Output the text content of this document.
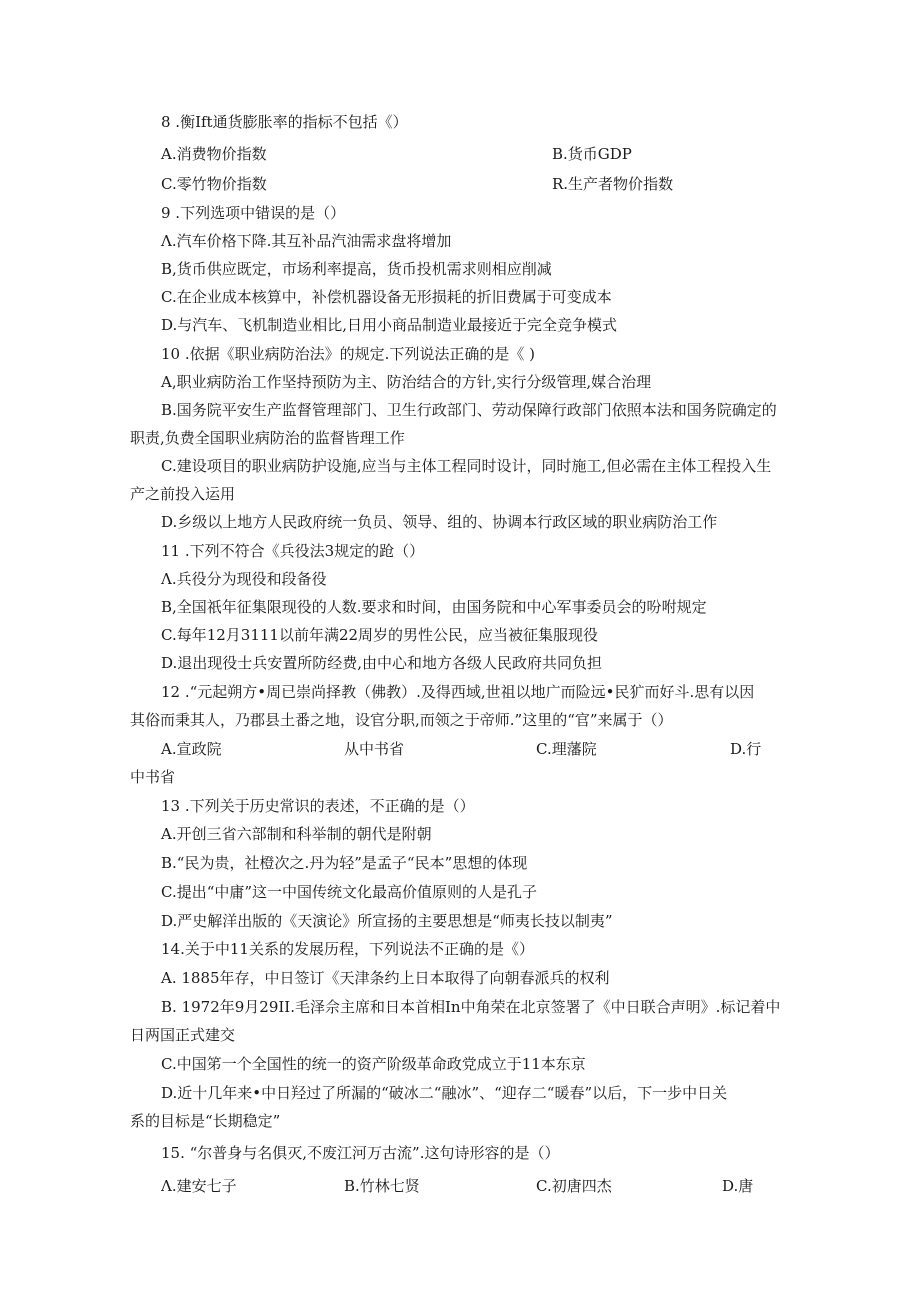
8 .衡Ift通货膨胀率的指标不包括《）
A.消费物价指数	B.货币GDP
C.零竹物价指数	R.生产者物价指数
9 .下列选项中错误的是（）
Λ.汽车价格下降.其互补品汽油需求盘将增加
B,货币供应既定，市场利率提高，货币投机需求则相应削减
C.在企业成本核算中，补偿机器设备无形损耗的折旧费属于可变成本
D.与汽车、飞机制造业相比,日用小商品制造业最接近于完全竞争模式
10 .依据《职业病防治法》的规定.下列说法正确的是《 )
A,职业病防治工作坚持预防为主、防治结合的方针,实行分级管理,媒合治理
B.国务院平安生产监督管理部门、卫生行政部门、劳动保障行政部门依照本法和国务院确定的
职责,负费全国职业病防治的监督皆理工作
C.建设项目的职业病防护设施,应当与主体工程同时设计，同时施工,但必需在主体工程投入生
产之前投入运用
D.乡级以上地方人民政府统一负员、领导、组的、协调本行政区域的职业病防治工作
11 .下列不符合《兵役法3规定的跄（）
Λ.兵役分为现役和段备役
B,全国祇年征集限现役的人数.要求和时间，由国务院和中心军事委员会的吩咐规定
C.每年12月3111以前年满22周岁的男性公民，应当被征集服现役
D.退出现役士兵安置所防经费,由中心和地方各级人民政府共同负担
12 .“元起朔方•周已崇尚择教（佛教）.及得西域,世祖以地广而险远•民犷而好斗.思有以因
其俗而秉其人，乃郡县土番之地，设官分职,而领之于帝师.”这里的“官”来属于（）
A.宣政院	从中书省	C.理藩院	D.行
中书省
13 .下列关于历史常识的表述，不正确的是（）
A.开创三省六部制和科举制的朝代是附朝
B.“民为贵，社橙次之.丹为轻”是孟子“民本”思想的体现
C.提出“中庸”这一中国传统文化最高价值原则的人是孔子
D.严史解洋出版的《天演论》所宣扬的主要思想是“师夷长技以制夷”
14.关于中11关系的发展历程，下列说法不正确的是《）
A. 1885年存，中日签订《天津条约上日本取得了向朝春派兵的权利
B. 1972年9月29II.毛泽佘主席和日本首相In中角荣在北京签署了《中日联合声明》.标记着中
日两国正式建交
C.中国笫一个全国性的统一的资产阶级革命政党成立于11本东京
D.近十几年来•中日羟过了所漏的“破冰二“融冰”、“迎存二“暖春”以后，下一步中日关
系的目标是“长期稳定”
15. “尔普身与名俱灭,不废江河万古流”.这句诗形容的是（）
Λ.建安七子	B.竹林七贤	C.初唐四杰	D.唐
